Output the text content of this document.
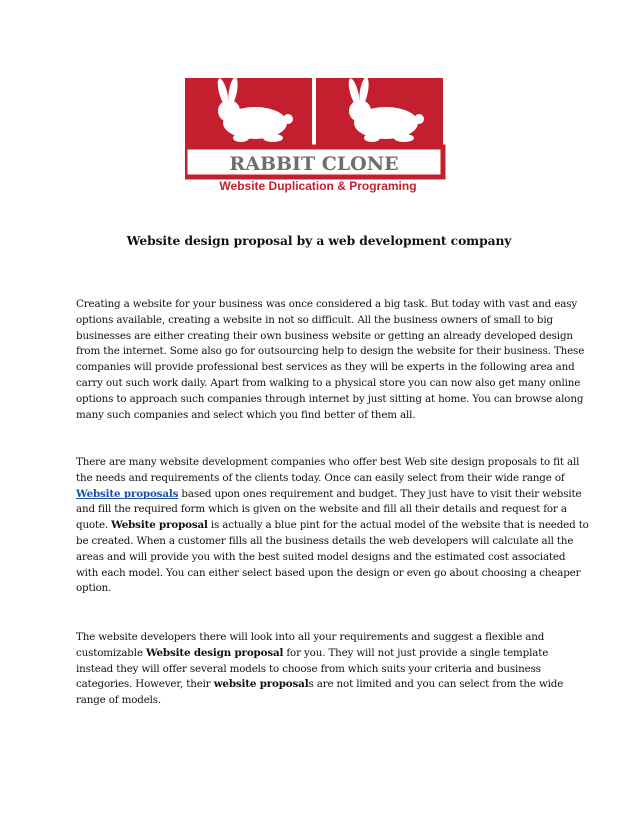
RABBIT CLONE
Website Duplication & Programing
Website design proposal by a web development company
Creating a website for your business was once considered a big task. But today with vast and easy
options available, creating a website in not so difficult. All the business owners of small to big
businesses are either creating their own business website or getting an already developed design
from the internet. Some also go for outsourcing help to design the website for their business. These
companies will provide professional best services as they will be experts in the following area and
carry out such work daily. Apart from walking to a physical store you can now also get many online
options to approach such companies through internet by just sitting at home. You can browse along
many such companies and select which you find better of them all.
There are many website development companies who offer best Web site design proposals to fit all
the needs and requirements of the clients today. Once can easily select from their wide range of
Website proposals based upon ones requirement and budget. They just have to visit their website
and fill the required form which is given on the website and fill all their details and request for a
quote. Website proposal is actually a blue pint for the actual model of the website that is needed to
be created. When a customer fills all the business details the web developers will calculate all the
areas and will provide you with the best suited model designs and the estimated cost associated
with each model. You can either select based upon the design or even go about choosing a cheaper
option.
The website developers there will look into all your requirements and suggest a flexible and
customizable Website design proposal for you. They will not just provide a single template
instead they will offer several models to choose from which suits your criteria and business
categories. However, their website proposals are not limited and you can select from the wide
range of models.
